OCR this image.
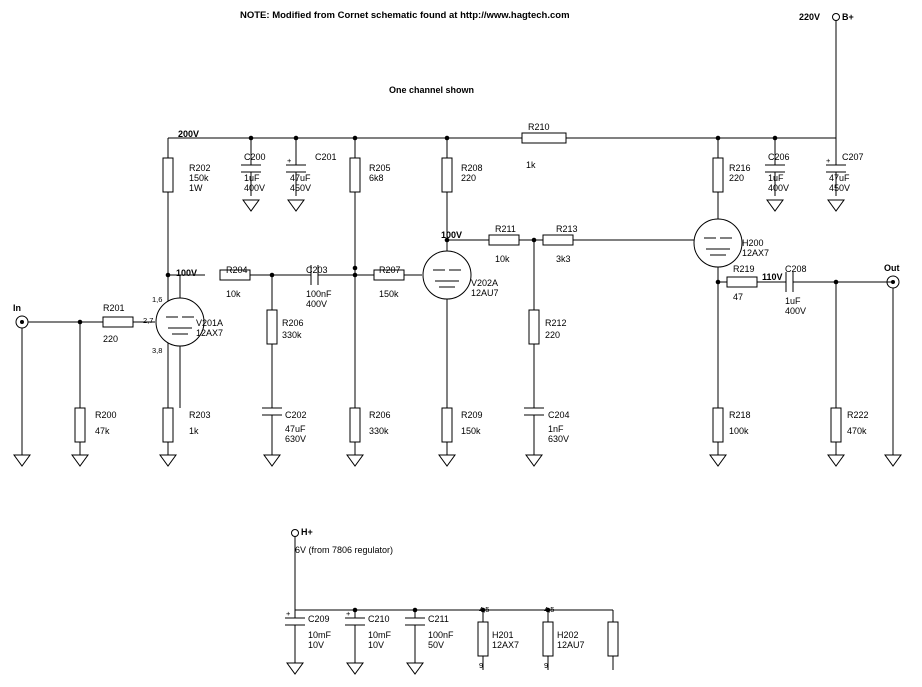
NOTE: Modified from Cornet schematic found at http://www.hagtech.com
One channel shown
220V B+
200V
100V
100V
110V
In
Out
H+
6V (from 7806 regulator)
R202
150k
1W
C200
1uF
400V
C201
47uF
450V
+
R205
6k8
R208
220
R210
1k	R216
220
C206
1uF
400V
C207
47uF
450V
+
R201
220
R200
47k
R203
1k
V201A
12AX7
1,6
2,7
3,8
R204
10k
R206
330k
C202
47uF
630V
C203
100nF
400V
R206
330k
R207
150k
V202A
12AU7
R209
150k
R211
10k
R213
3k3
R212
220
C204
1nF
630V
H200
12AX7
R219
47
R218
100k
C208
1uF
400V
R222
470k
C209
10mF
10V
+
C210
10mF
10V
+
C211
100nF
50V
H201
12AX7
4,5
9
H202
12AU7
4,5
9
